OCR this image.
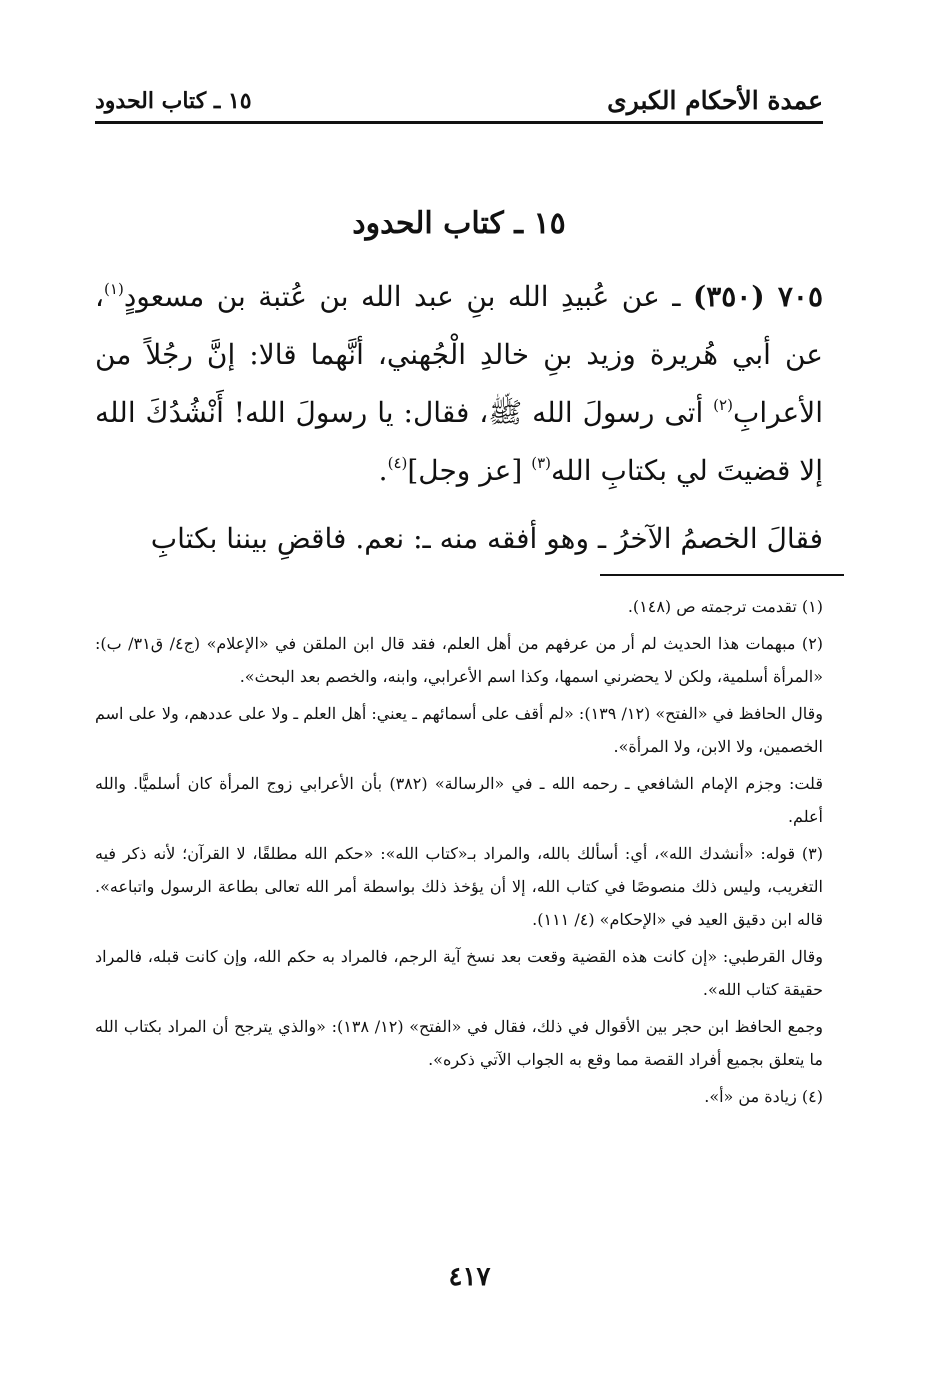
عمدة الأحكام الكبرى
١٥ ـ كتاب الحدود
١٥ ـ كتاب الحدود

٧٠٥ (٣٥٠) ـ عن عُبيدِ الله بنِ عبد الله بن عُتبة بن مسعودٍ$^{(١)}$، عن أبي هُريرة وزيد بنِ خالدِ الْجُهني، أنَّهما قالا: إنَّ رجُلاً من الأعرابِ$^{(٢)}$ أتى رسولَ الله ﷺ، فقال: يا رسولَ الله! أَنْشُدُكَ الله إلا قضيتَ لي بكتابِ الله$^{(٣)}$ [عز وجل]$^{(٤)}$.

فقالَ الخصمُ الآخرُ ـ وهو أفقه منه ـ: نعم. فاقضِ بيننا بكتابِ

(١) تقدمت ترجمته ص (١٤٨).

(٢) مبهمات هذا الحديث لم أر من عرفهم من أهل العلم، فقد قال ابن الملقن في «الإعلام» (ج٤/ ق٣١/ ب): «المرأة أسلمية، ولكن لا يحضرني اسمها، وكذا اسم الأعرابي، وابنه، والخصم بعد البحث».

وقال الحافظ في «الفتح» (١٢/ ١٣٩): «لم أقف على أسمائهم ـ يعني: أهل العلم ـ ولا على عددهم، ولا على اسم الخصمين، ولا الابن، ولا المرأة».

قلت: وجزم الإمام الشافعي ـ رحمه الله ـ في «الرسالة» (٣٨٢) بأن الأعرابي زوج المرأة كان أسلميًّا. والله أعلم.

(٣) قوله: «أنشدك الله»، أي: أسألك بالله، والمراد بـ«كتاب الله»: «حكم الله مطلقًا، لا القرآن؛ لأنه ذكر فيه التغريب، وليس ذلك منصوصًا في كتاب الله، إلا أن يؤخذ ذلك بواسطة أمر الله تعالى بطاعة الرسول واتباعه». قاله ابن دقيق العيد في «الإحكام» (٤/ ١١١).

وقال القرطبي: «إن كانت هذه القضية وقعت بعد نسخ آية الرجم، فالمراد به حكم الله، وإن كانت قبله، فالمراد حقيقة كتاب الله».

وجمع الحافظ ابن حجر بين الأقوال في ذلك، فقال في «الفتح» (١٢/ ١٣٨): «والذي يترجح أن المراد بكتاب الله ما يتعلق بجميع أفراد القصة مما وقع به الجواب الآتي ذكره».

(٤) زيادة من «أ».

٤١٧
